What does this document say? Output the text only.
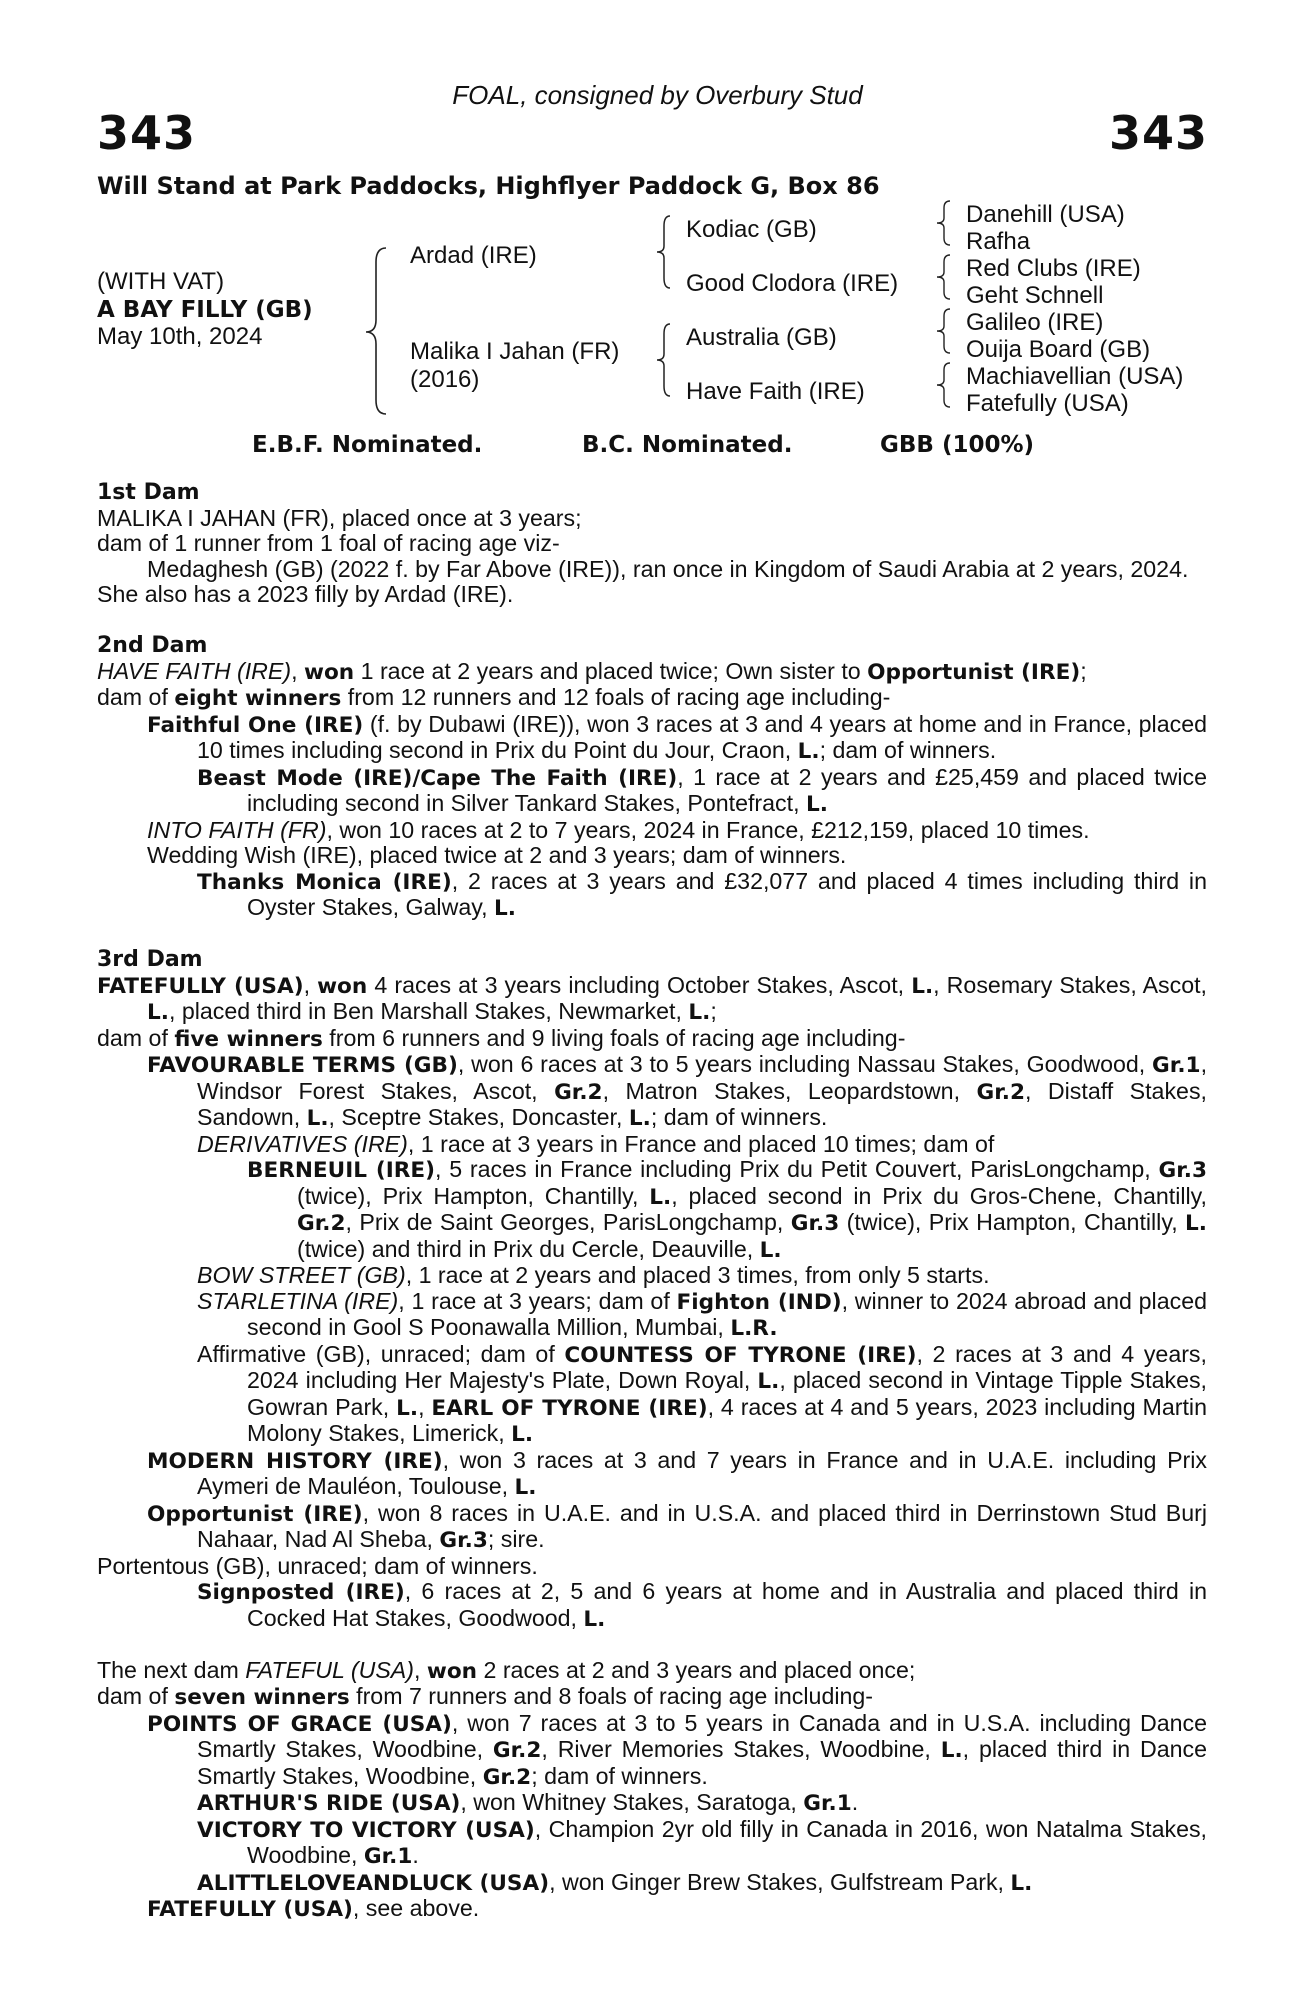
FOAL, consigned by Overbury Stud
343	343
Will Stand at Park Paddocks, Highflyer Paddock G, Box 86
(WITH VAT)
A BAY FILLY (GB)
May 10th, 2024
Ardad (IRE)
Malika I Jahan (FR)
(2016)
Kodiac (GB)
Good Clodora (IRE)
Australia (GB)
Have Faith (IRE)
Danehill (USA)
Rafha
Red Clubs (IRE)
Geht Schnell
Galileo (IRE)
Ouija Board (GB)
Machiavellian (USA)
Fatefully (USA)
E.B.F. Nominated.	B.C. Nominated.	GBB (100%)
1st Dam

MALIKA I JAHAN (FR), placed once at 3 years;

dam of 1 runner from 1 foal of racing age viz-

Medaghesh (GB) (2022 f. by Far Above (IRE)), ran once in Kingdom of Saudi Arabia at 2 years, 2024.

She also has a 2023 filly by Ardad (IRE).

2nd Dam

HAVE FAITH (IRE), won 1 race at 2 years and placed twice; Own sister to Opportunist (IRE);

dam of eight winners from 12 runners and 12 foals of racing age including-

Faithful One (IRE) (f. by Dubawi (IRE)), won 3 races at 3 and 4 years at home and in France, placed 10 times including second in Prix du Point du Jour, Craon, L.; dam of winners.

Beast Mode (IRE)/Cape The Faith (IRE), 1 race at 2 years and £25,459 and placed twice including second in Silver Tankard Stakes, Pontefract, L.

INTO FAITH (FR), won 10 races at 2 to 7 years, 2024 in France, £212,159, placed 10 times.

Wedding Wish (IRE), placed twice at 2 and 3 years; dam of winners.

Thanks Monica (IRE), 2 races at 3 years and £32,077 and placed 4 times including third in Oyster Stakes, Galway, L.

3rd Dam

FATEFULLY (USA), won 4 races at 3 years including October Stakes, Ascot, L., Rosemary Stakes, Ascot, L., placed third in Ben Marshall Stakes, Newmarket, L.;

dam of five winners from 6 runners and 9 living foals of racing age including-

FAVOURABLE TERMS (GB), won 6 races at 3 to 5 years including Nassau Stakes, Goodwood, Gr.1, Windsor Forest Stakes, Ascot, Gr.2, Matron Stakes, Leopardstown, Gr.2, Distaff Stakes, Sandown, L., Sceptre Stakes, Doncaster, L.; dam of winners.

DERIVATIVES (IRE), 1 race at 3 years in France and placed 10 times; dam of

BERNEUIL (IRE), 5 races in France including Prix du Petit Couvert, ParisLongchamp, Gr.3 (twice), Prix Hampton, Chantilly, L., placed second in Prix du Gros-Chene, Chantilly, Gr.2, Prix de Saint Georges, ParisLongchamp, Gr.3 (twice), Prix Hampton, Chantilly, L. (twice) and third in Prix du Cercle, Deauville, L.

BOW STREET (GB), 1 race at 2 years and placed 3 times, from only 5 starts.

STARLETINA (IRE), 1 race at 3 years; dam of Fighton (IND), winner to 2024 abroad and placed second in Gool S Poonawalla Million, Mumbai, L.R.

Affirmative (GB), unraced; dam of COUNTESS OF TYRONE (IRE), 2 races at 3 and 4 years, 2024 including Her Majesty's Plate, Down Royal, L., placed second in Vintage Tipple Stakes, Gowran Park, L., EARL OF TYRONE (IRE), 4 races at 4 and 5 years, 2023 including Martin Molony Stakes, Limerick, L.

MODERN HISTORY (IRE), won 3 races at 3 and 7 years in France and in U.A.E. including Prix Aymeri de Mauléon, Toulouse, L.

Opportunist (IRE), won 8 races in U.A.E. and in U.S.A. and placed third in Derrinstown Stud Burj Nahaar, Nad Al Sheba, Gr.3; sire.

Portentous (GB), unraced; dam of winners.

Signposted (IRE), 6 races at 2, 5 and 6 years at home and in Australia and placed third in Cocked Hat Stakes, Goodwood, L.

The next dam FATEFUL (USA), won 2 races at 2 and 3 years and placed once;

dam of seven winners from 7 runners and 8 foals of racing age including-

POINTS OF GRACE (USA), won 7 races at 3 to 5 years in Canada and in U.S.A. including Dance Smartly Stakes, Woodbine, Gr.2, River Memories Stakes, Woodbine, L., placed third in Dance Smartly Stakes, Woodbine, Gr.2; dam of winners.

ARTHUR'S RIDE (USA), won Whitney Stakes, Saratoga, Gr.1.

VICTORY TO VICTORY (USA), Champion 2yr old filly in Canada in 2016, won Natalma Stakes, Woodbine, Gr.1.

ALITTLELOVEANDLUCK (USA), won Ginger Brew Stakes, Gulfstream Park, L.

FATEFULLY (USA), see above.
